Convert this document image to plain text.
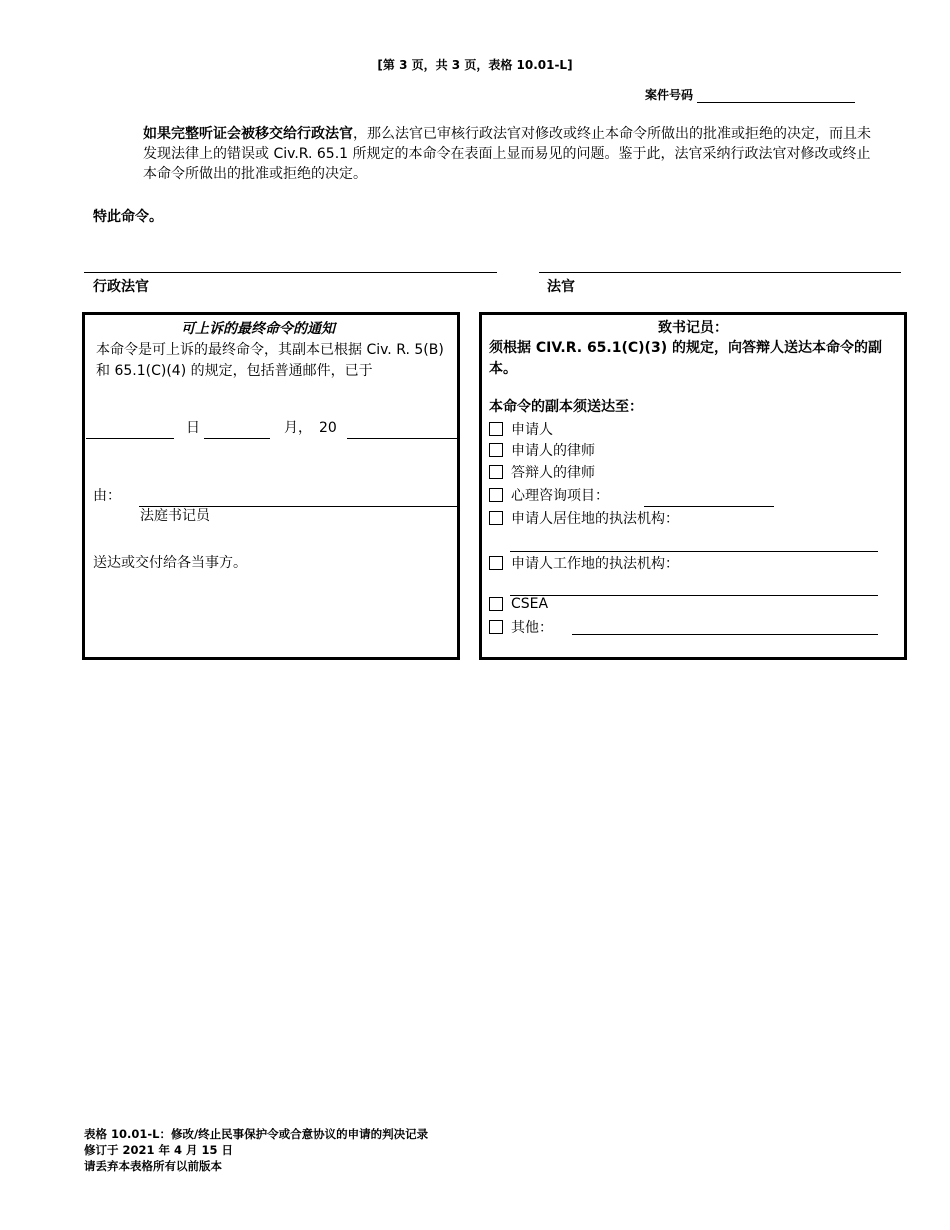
[第 3 页，共 3 页，表格 10.01-L]
案件号码
如果完整听证会被移交给行政法官，那么法官已审核行政法官对修改或终止本命令所做出的批准或拒绝的决定，而且未发现法律上的错误或 Civ.R. 65.1 所规定的本命令在表面上显而易见的问题。鉴于此，法官采纳行政法官对修改或终止本命令所做出的批准或拒绝的决定。
特此命令。
行政法官	法官
可上诉的最终命令的通知
本命令是可上诉的最终命令，其副本已根据 Civ. R. 5(B) 和 65.1(C)(4) 的规定，包括普通邮件，已于
日	月， 20
由：
法庭书记员
送达或交付给各当事方。
致书记员：
须根据 CIV.R. 65.1(C)(3) 的规定，向答辩人送达本命令的副本。
本命令的副本须送达至：
申请人
申请人的律师
答辩人的律师
心理咨询项目：
申请人居住地的执法机构：
申请人工作地的执法机构：
CSEA
其他：
表格 10.01-L：修改/终止民事保护令或合意协议的申请的判决记录
修订于 2021 年 4 月 15 日
请丢弃本表格所有以前版本
